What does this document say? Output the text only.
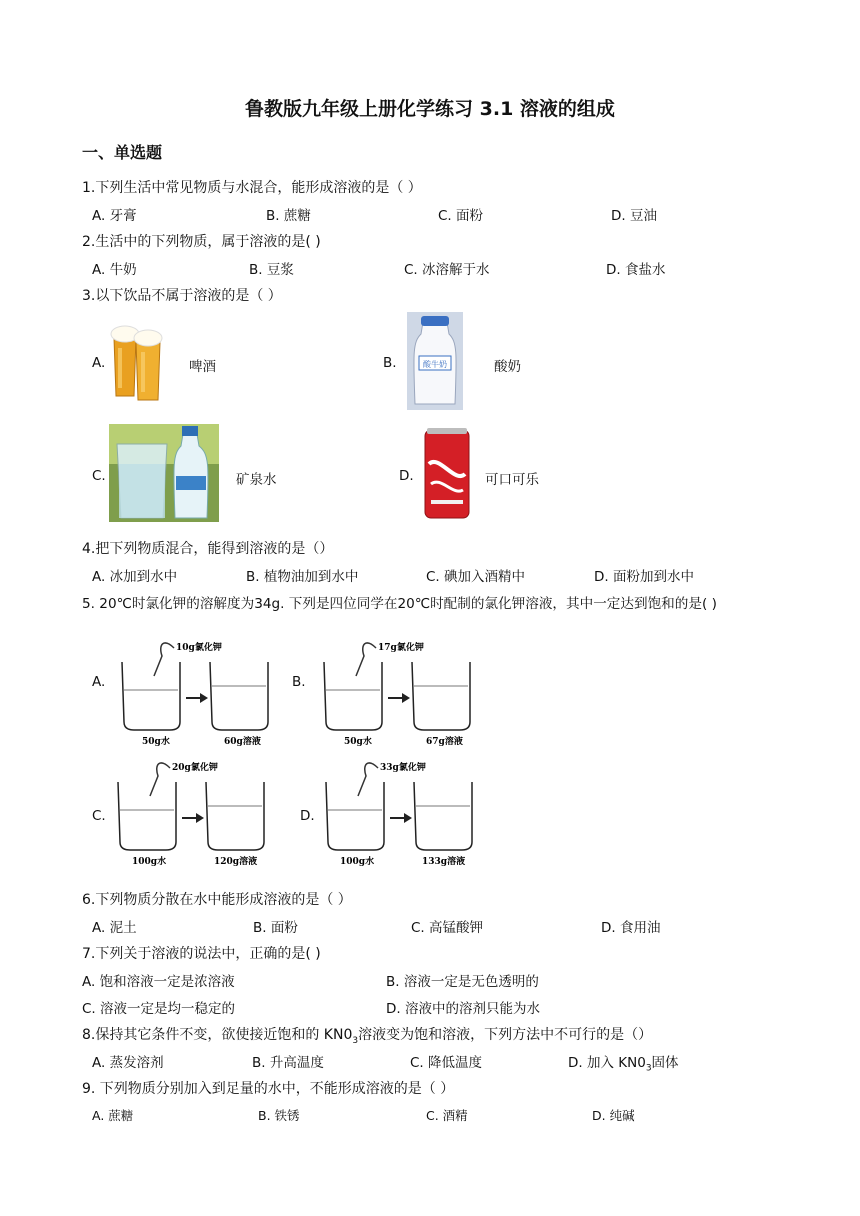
鲁教版九年级上册化学练习 3.1 溶液的组成
一、单选题
1.下列生活中常见物质与水混合，能形成溶液的是（ ）
A. 牙膏	B. 蔗糖	C. 面粉	D. 豆油
2.生活中的下列物质，属于溶液的是( )
A. 牛奶	B. 豆浆	C. 冰溶解于水	D. 食盐水
3.以下饮品不属于溶液的是（ ）
A.	啤酒	B.	酸牛奶	酸奶
C.	矿泉水	D.	可口可乐
4.把下列物质混合，能得到溶液的是（）
A. 冰加到水中	B. 植物油加到水中	C. 碘加入酒精中	D. 面粉加到水中
5. 20℃时氯化钾的溶解度为34g. 下列是四位同学在20℃时配制的氯化钾溶液，其中一定达到饱和的是( )
A.
10g氯化钾
50g水	60g溶液
B.
17g氯化钾
50g水	67g溶液
C.
20g氯化钾
100g水	120g溶液
D.
33g氯化钾
100g水	133g溶液
6.下列物质分散在水中能形成溶液的是（ ）
A. 泥土	B. 面粉	C. 高锰酸钾	D. 食用油
7.下列关于溶液的说法中，正确的是( )
A. 饱和溶液一定是浓溶液	B. 溶液一定是无色透明的
C. 溶液一定是均一稳定的	D. 溶液中的溶剂只能为水
8.保持其它条件不变，欲使接近饱和的 $KN0_3$溶液变为饱和溶液，下列方法中不可行的是（）
A. 蒸发溶剂	B. 升高温度	C. 降低温度	D. 加入 $KN0_3$固体
9. 下列物质分别加入到足量的水中，不能形成溶液的是（ ）
A. 蔗糖	B. 铁锈	C. 酒精	D. 纯碱
